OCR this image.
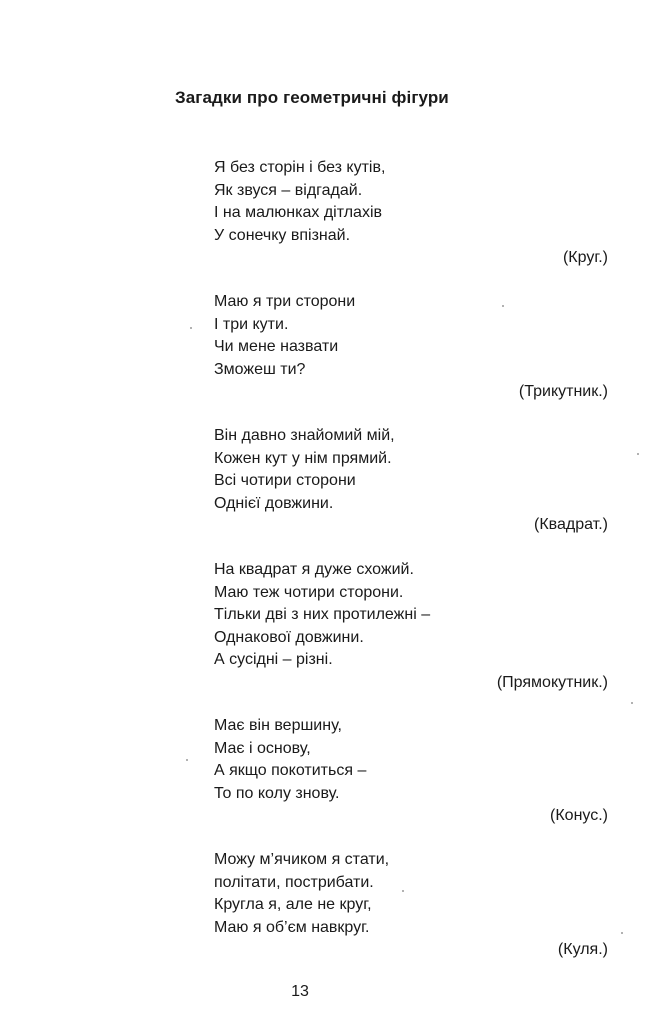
Загадки про геометричні фігури
Я без сторін і без кутів,
Як звуся – відгадай.
І на малюнках дітлахів
У сонечку впізнай.
(Круг.)
Маю я три сторони
І три кути.
Чи мене назвати
Зможеш ти?
(Трикутник.)
Він давно знайомий мій,
Кожен кут у нім прямий.
Всі чотири сторони
Однієї довжини.
(Квадрат.)
На квадрат я дуже схожий.
Маю теж чотири сторони.
Тільки дві з них протилежні –
Однакової довжини.
А сусідні – різні.
(Прямокутник.)
Має він вершину,
Має і основу,
А якщо покотиться –
То по колу знову.
(Конус.)
Можу м’ячиком я стати,
політати, пострибати.
Кругла я, але не круг,
Маю я об’єм навкруг.
(Куля.)
13
